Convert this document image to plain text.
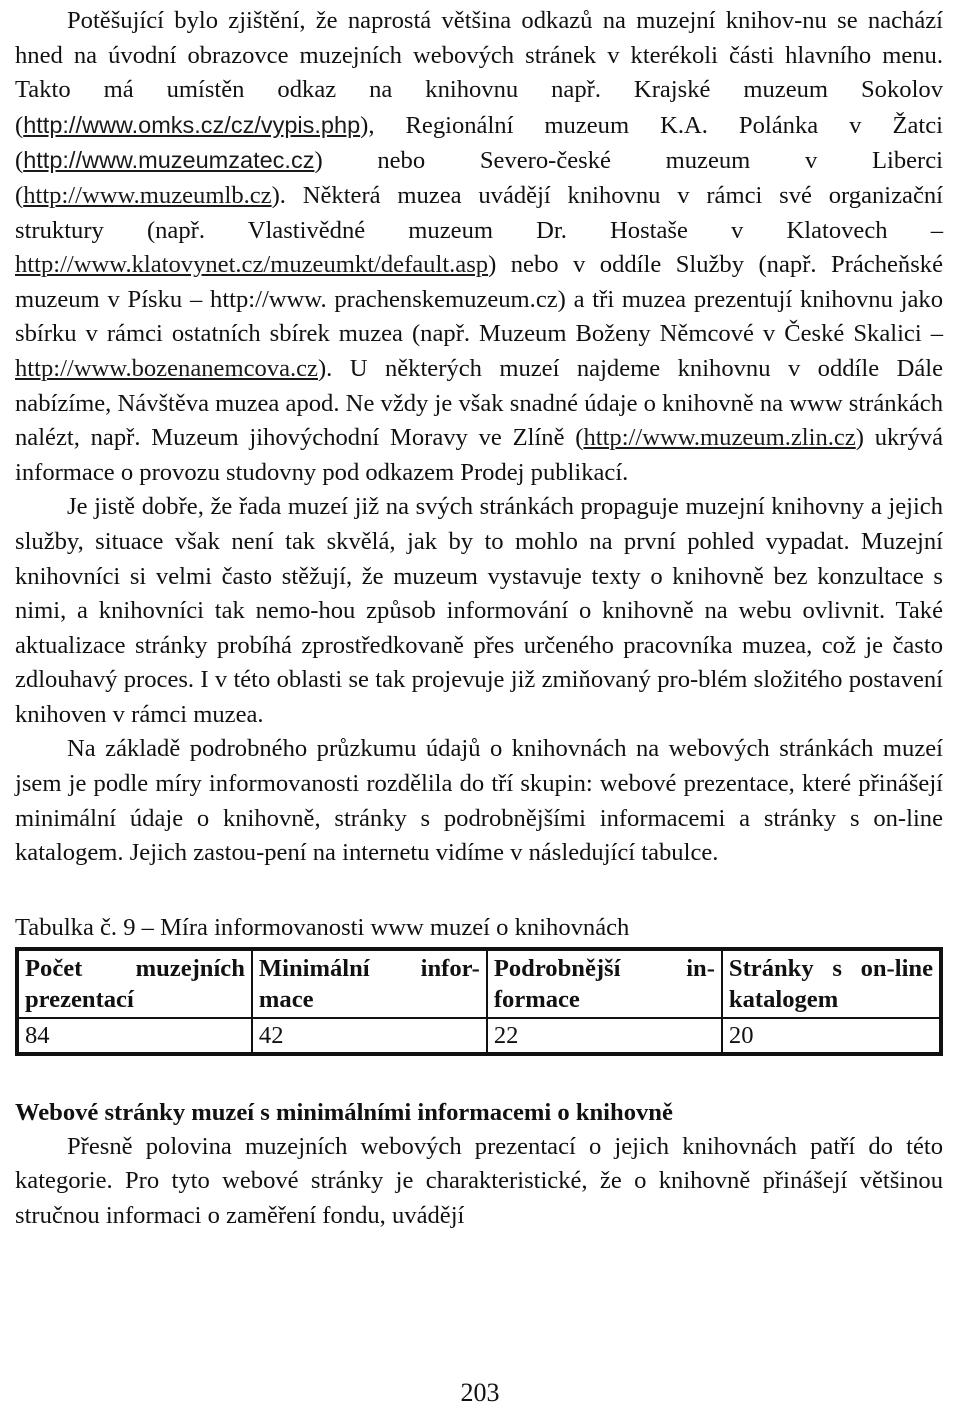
Potěšující bylo zjištění, že naprostá většina odkazů na muzejní knihov-nu se nachází hned na úvodní obrazovce muzejních webových stránek v kterékoli části hlavního menu. Takto má umístěn odkaz na knihovnu např. Krajské muzeum Sokolov (http://www.omks.cz/cz/vypis.php), Regionální muzeum K.A. Polánka v Žatci (http://www.muzeumzatec.cz) nebo Severo-české muzeum v Liberci (http://www.muzeumlb.cz). Některá muzea uvádějí knihovnu v rámci své organizační struktury (např. Vlastivědné muzeum Dr. Hostaše v Klatovech – http://www.klatovynet.cz/muzeumkt/default.asp) nebo v oddíle Služby (např. Prácheňské muzeum v Písku – http://www. prachenskemuzeum.cz) a tři muzea prezentují knihovnu jako sbírku v rámci ostatních sbírek muzea (např. Muzeum Boženy Němcové v České Skalici – http://www.bozenanemcova.cz). U některých muzeí najdeme knihovnu v oddíle Dále nabízíme, Návštěva muzea apod. Ne vždy je však snadné údaje o knihovně na www stránkách nalézt, např. Muzeum jihovýchodní Moravy ve Zlíně (http://www.muzeum.zlin.cz) ukrývá informace o provozu studovny pod odkazem Prodej publikací.

Je jistě dobře, že řada muzeí již na svých stránkách propaguje muzejní knihovny a jejich služby, situace však není tak skvělá, jak by to mohlo na první pohled vypadat. Muzejní knihovníci si velmi často stěžují, že muzeum vystavuje texty o knihovně bez konzultace s nimi, a knihovníci tak nemo-hou způsob informování o knihovně na webu ovlivnit. Také aktualizace stránky probíhá zprostředkovaně přes určeného pracovníka muzea, což je často zdlouhavý proces. I v této oblasti se tak projevuje již zmiňovaný pro-blém složitého postavení knihoven v rámci muzea.

Na základě podrobného průzkumu údajů o knihovnách na webových stránkách muzeí jsem je podle míry informovanosti rozdělila do tří skupin: webové prezentace, které přinášejí minimální údaje o knihovně, stránky s podrobnějšími informacemi a stránky s on-line katalogem. Jejich zastou-pení na internetu vidíme v následující tabulce.

Tabulka č. 9 – Míra informovanosti www muzeí o knihovnách

Počet muzejních prezentací	Minimální infor-mace	Podrobnější in-formace	Stránky s on-line katalogem
84	42	22	20

Webové stránky muzeí s minimálními informacemi o knihovně

Přesně polovina muzejních webových prezentací o jejich knihovnách patří do této kategorie. Pro tyto webové stránky je charakteristické, že o knihovně přinášejí většinou stručnou informaci o zaměření fondu, uvádějí

203
